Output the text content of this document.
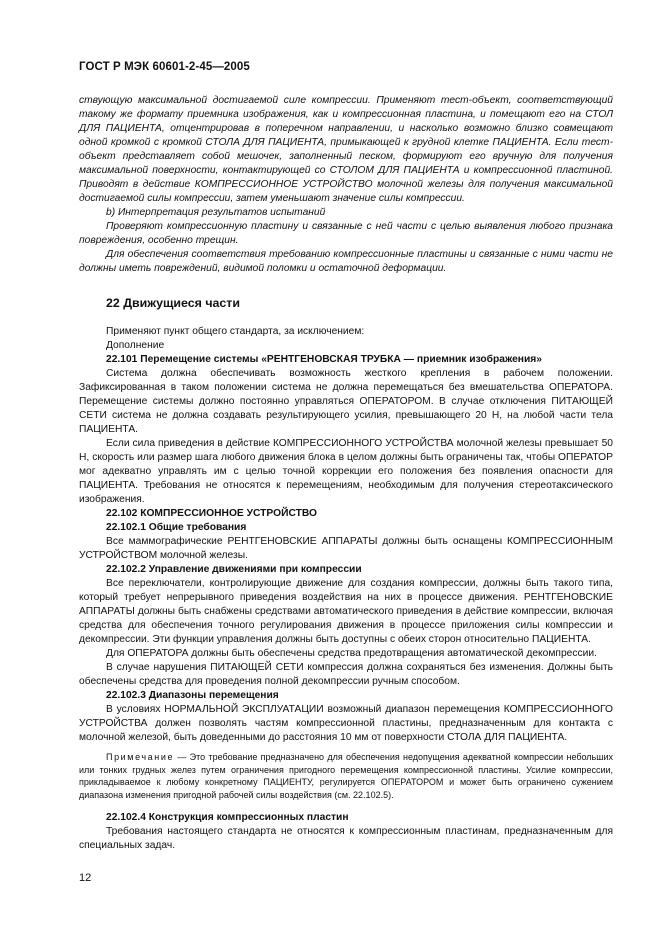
ГОСТ Р МЭК 60601-2-45—2005

ствующую максимальной достигаемой силе компрессии. Применяют тест-объект, соответствующий такому же формату приемника изображения, как и компрессионная пластина, и помещают его на СТОЛ ДЛЯ ПАЦИЕНТА, отцентрировав в поперечном направлении, и насколько возможно близко совмещают одной кромкой с кромкой СТОЛА ДЛЯ ПАЦИЕНТА, примыкающей к грудной клетке ПАЦИЕНТА. Если тест-объект представляет собой мешочек, заполненный песком, формируют его вручную для получения максимальной поверхности, контактирующей со СТОЛОМ ДЛЯ ПАЦИЕНТА и компрессионной пластиной. Приводят в действие КОМПРЕССИОННОЕ УСТРОЙСТВО молочной железы для получения максимальной достигаемой силы компрессии, затем уменьшают значение силы компрессии.

b) Интерпретация результатов испытаний

Проверяют компрессионную пластину и связанные с ней части с целью выявления любого признака повреждения, особенно трещин.

Для обеспечения соответствия требованию компрессионные пластины и связанные с ними части не должны иметь повреждений, видимой поломки и остаточной деформации.

22 Движущиеся части

Применяют пункт общего стандарта, за исключением:

Дополнение

22.101 Перемещение системы «РЕНТГЕНОВСКАЯ ТРУБКА — приемник изображения»

Система должна обеспечивать возможность жесткого крепления в рабочем положении. Зафиксированная в таком положении система не должна перемещаться без вмешательства ОПЕРАТОРА. Перемещение системы должно постоянно управляться ОПЕРАТОРОМ. В случае отключения ПИТАЮЩЕЙ СЕТИ система не должна создавать результирующего усилия, превышающего 20 Н, на любой части тела ПАЦИЕНТА.

Если сила приведения в действие КОМПРЕССИОННОГО УСТРОЙСТВА молочной железы превышает 50 Н, скорость или размер шага любого движения блока в целом должны быть ограничены так, чтобы ОПЕРАТОР мог адекватно управлять им с целью точной коррекции его положения без появления опасности для ПАЦИЕНТА. Требования не относятся к перемещениям, необходимым для получения стереотаксического изображения.

22.102 КОМПРЕССИОННОЕ УСТРОЙСТВО

22.102.1 Общие требования

Все маммографические РЕНТГЕНОВСКИЕ АППАРАТЫ должны быть оснащены КОМПРЕССИОННЫМ УСТРОЙСТВОМ молочной железы.

22.102.2 Управление движениями при компрессии

Все переключатели, контролирующие движение для создания компрессии, должны быть такого типа, который требует непрерывного приведения воздействия на них в процессе движения. РЕНТГЕНОВСКИЕ АППАРАТЫ должны быть снабжены средствами автоматического приведения в действие компрессии, включая средства для обеспечения точного регулирования движения в процессе приложения силы компрессии и декомпрессии. Эти функции управления должны быть доступны с обеих сторон относительно ПАЦИЕНТА.

Для ОПЕРАТОРА должны быть обеспечены средства предотвращения автоматической декомпрессии.

В случае нарушения ПИТАЮЩЕЙ СЕТИ компрессия должна сохраняться без изменения. Должны быть обеспечены средства для проведения полной декомпрессии ручным способом.

22.102.3 Диапазоны перемещения

В условиях НОРМАЛЬНОЙ ЭКСПЛУАТАЦИИ возможный диапазон перемещения КОМПРЕССИОННОГО УСТРОЙСТВА должен позволять частям компрессионной пластины, предназначенным для контакта с молочной железой, быть доведенными до расстояния 10 мм от поверхности СТОЛА ДЛЯ ПАЦИЕНТА.

Примечание — Это требование предназначено для обеспечения недопущения адекватной компрессии небольших или тонких грудных желез путем ограничения пригодного перемещения компрессионной пластины. Усилие компрессии, прикладываемое к любому конкретному ПАЦИЕНТУ, регулируется ОПЕРАТОРОМ и может быть ограничено сужением диапазона изменения пригодной рабочей силы воздействия (см. 22.102.5).

22.102.4 Конструкция компрессионных пластин

Требования настоящего стандарта не относятся к компрессионным пластинам, предназначенным для специальных задач.

12
